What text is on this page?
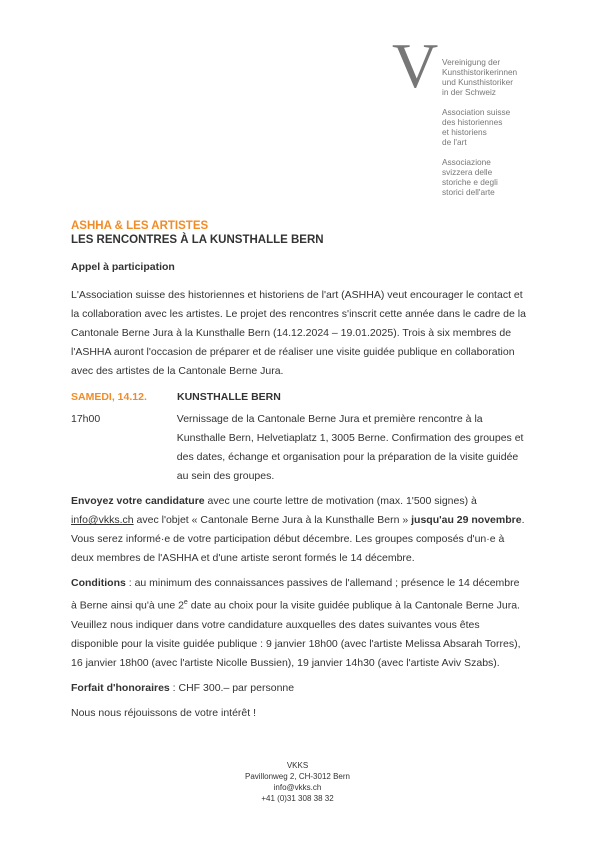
V Vereinigung der
Kunsthistorikerinnen
und Kunsthistoriker
in der Schweiz
Association suisse
des historiennes
et historiens
de l'art
Associazione
svizzera delle
storiche e degli
storici dell'arte
ASHHA & LES ARTISTES
LES RENCONTRES À LA KUNSTHALLE BERN
Appel à participation

L'Association suisse des historiennes et historiens de l'art (ASHHA) veut encourager le contact et la collaboration avec les artistes. Le projet des rencontres s'inscrit cette année dans le cadre de la Cantonale Berne Jura à la Kunsthalle Bern (14.12.2024 – 19.01.2025). Trois à six membres de l'ASHHA auront l'occasion de préparer et de réaliser une visite guidée publique en collaboration avec des artistes de la Cantonale Berne Jura.

SAMEDI, 14.12.	KUNSTHALLE BERN
17h00	Vernissage de la Cantonale Berne Jura et première rencontre à la Kunsthalle Bern, Helvetiaplatz 1, 3005 Berne. Confirmation des groupes et des dates, échange et organisation pour la préparation de la visite guidée au sein des groupes.

Envoyez votre candidature avec une courte lettre de motivation (max. 1'500 signes) à info@vkks.ch avec l'objet « Cantonale Berne Jura à la Kunsthalle Bern » jusqu'au 29 novembre. Vous serez informé·e de votre participation début décembre. Les groupes composés d'un·e à deux membres de l'ASHHA et d'une artiste seront formés le 14 décembre.

Conditions : au minimum des connaissances passives de l'allemand ; présence le 14 décembre à Berne ainsi qu'à une 2e date au choix pour la visite guidée publique à la Cantonale Berne Jura. Veuillez nous indiquer dans votre candidature auxquelles des dates suivantes vous êtes disponible pour la visite guidée publique : 9 janvier 18h00 (avec l'artiste Melissa Absarah Torres), 16 janvier 18h00 (avec l'artiste Nicolle Bussien), 19 janvier 14h30 (avec l'artiste Aviv Szabs).

Forfait d'honoraires : CHF 300.– par personne

Nous nous réjouissons de votre intérêt !

VKKS
Pavillonweg 2, CH-3012 Bern
info@vkks.ch
+41 (0)31 308 38 32
